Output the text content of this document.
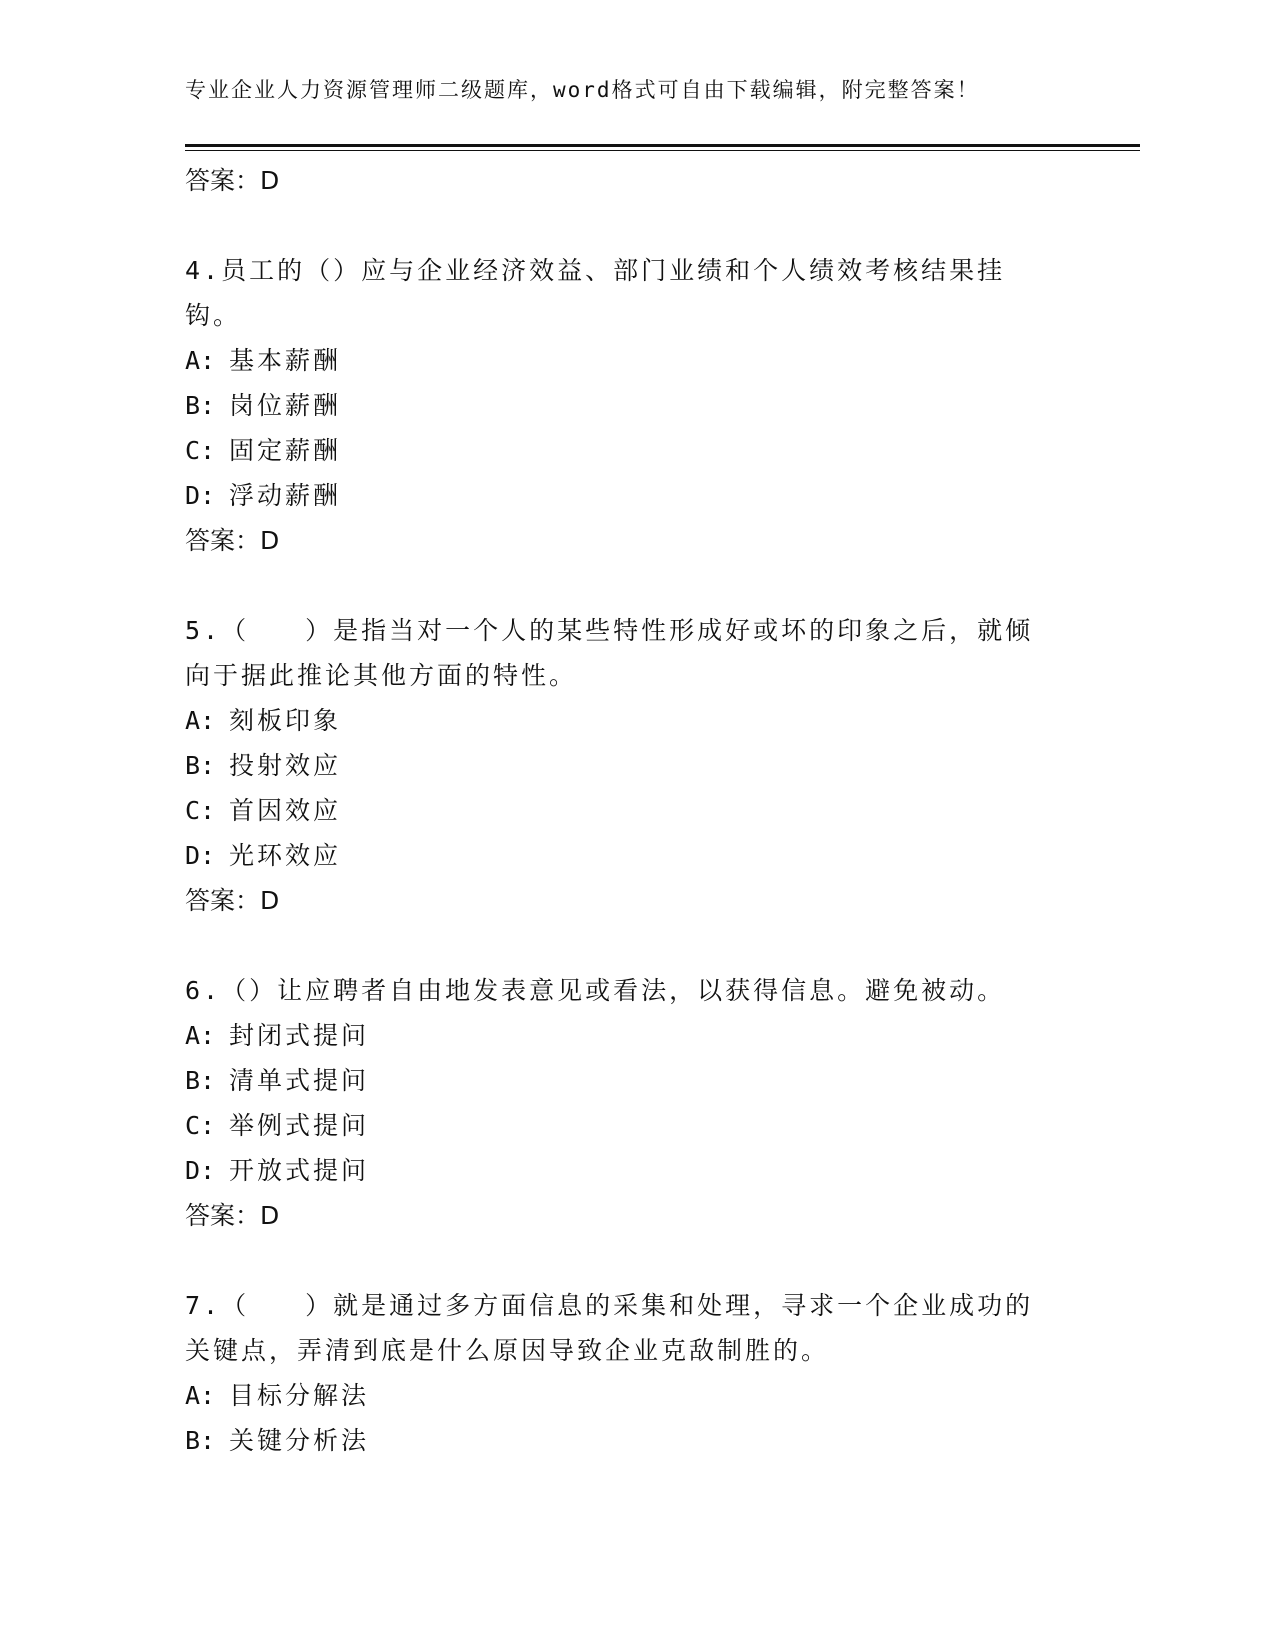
专业企业人力资源管理师二级题库，word格式可自由下载编辑，附完整答案！
答案：D
4.员工的（）应与企业经济效益、部门业绩和个人绩效考核结果挂钩。
A: 基本薪酬
B: 岗位薪酬
C: 固定薪酬
D: 浮动薪酬
答案：D
5.（　　）是指当对一个人的某些特性形成好或坏的印象之后，就倾向于据此推论其他方面的特性。
A: 刻板印象
B: 投射效应
C: 首因效应
D: 光环效应
答案：D
6.（）让应聘者自由地发表意见或看法，以获得信息。避免被动。
A: 封闭式提问
B: 清单式提问
C: 举例式提问
D: 开放式提问
答案：D
7.（　　）就是通过多方面信息的采集和处理，寻求一个企业成功的关键点，弄清到底是什么原因导致企业克敌制胜的。
A: 目标分解法
B: 关键分析法
